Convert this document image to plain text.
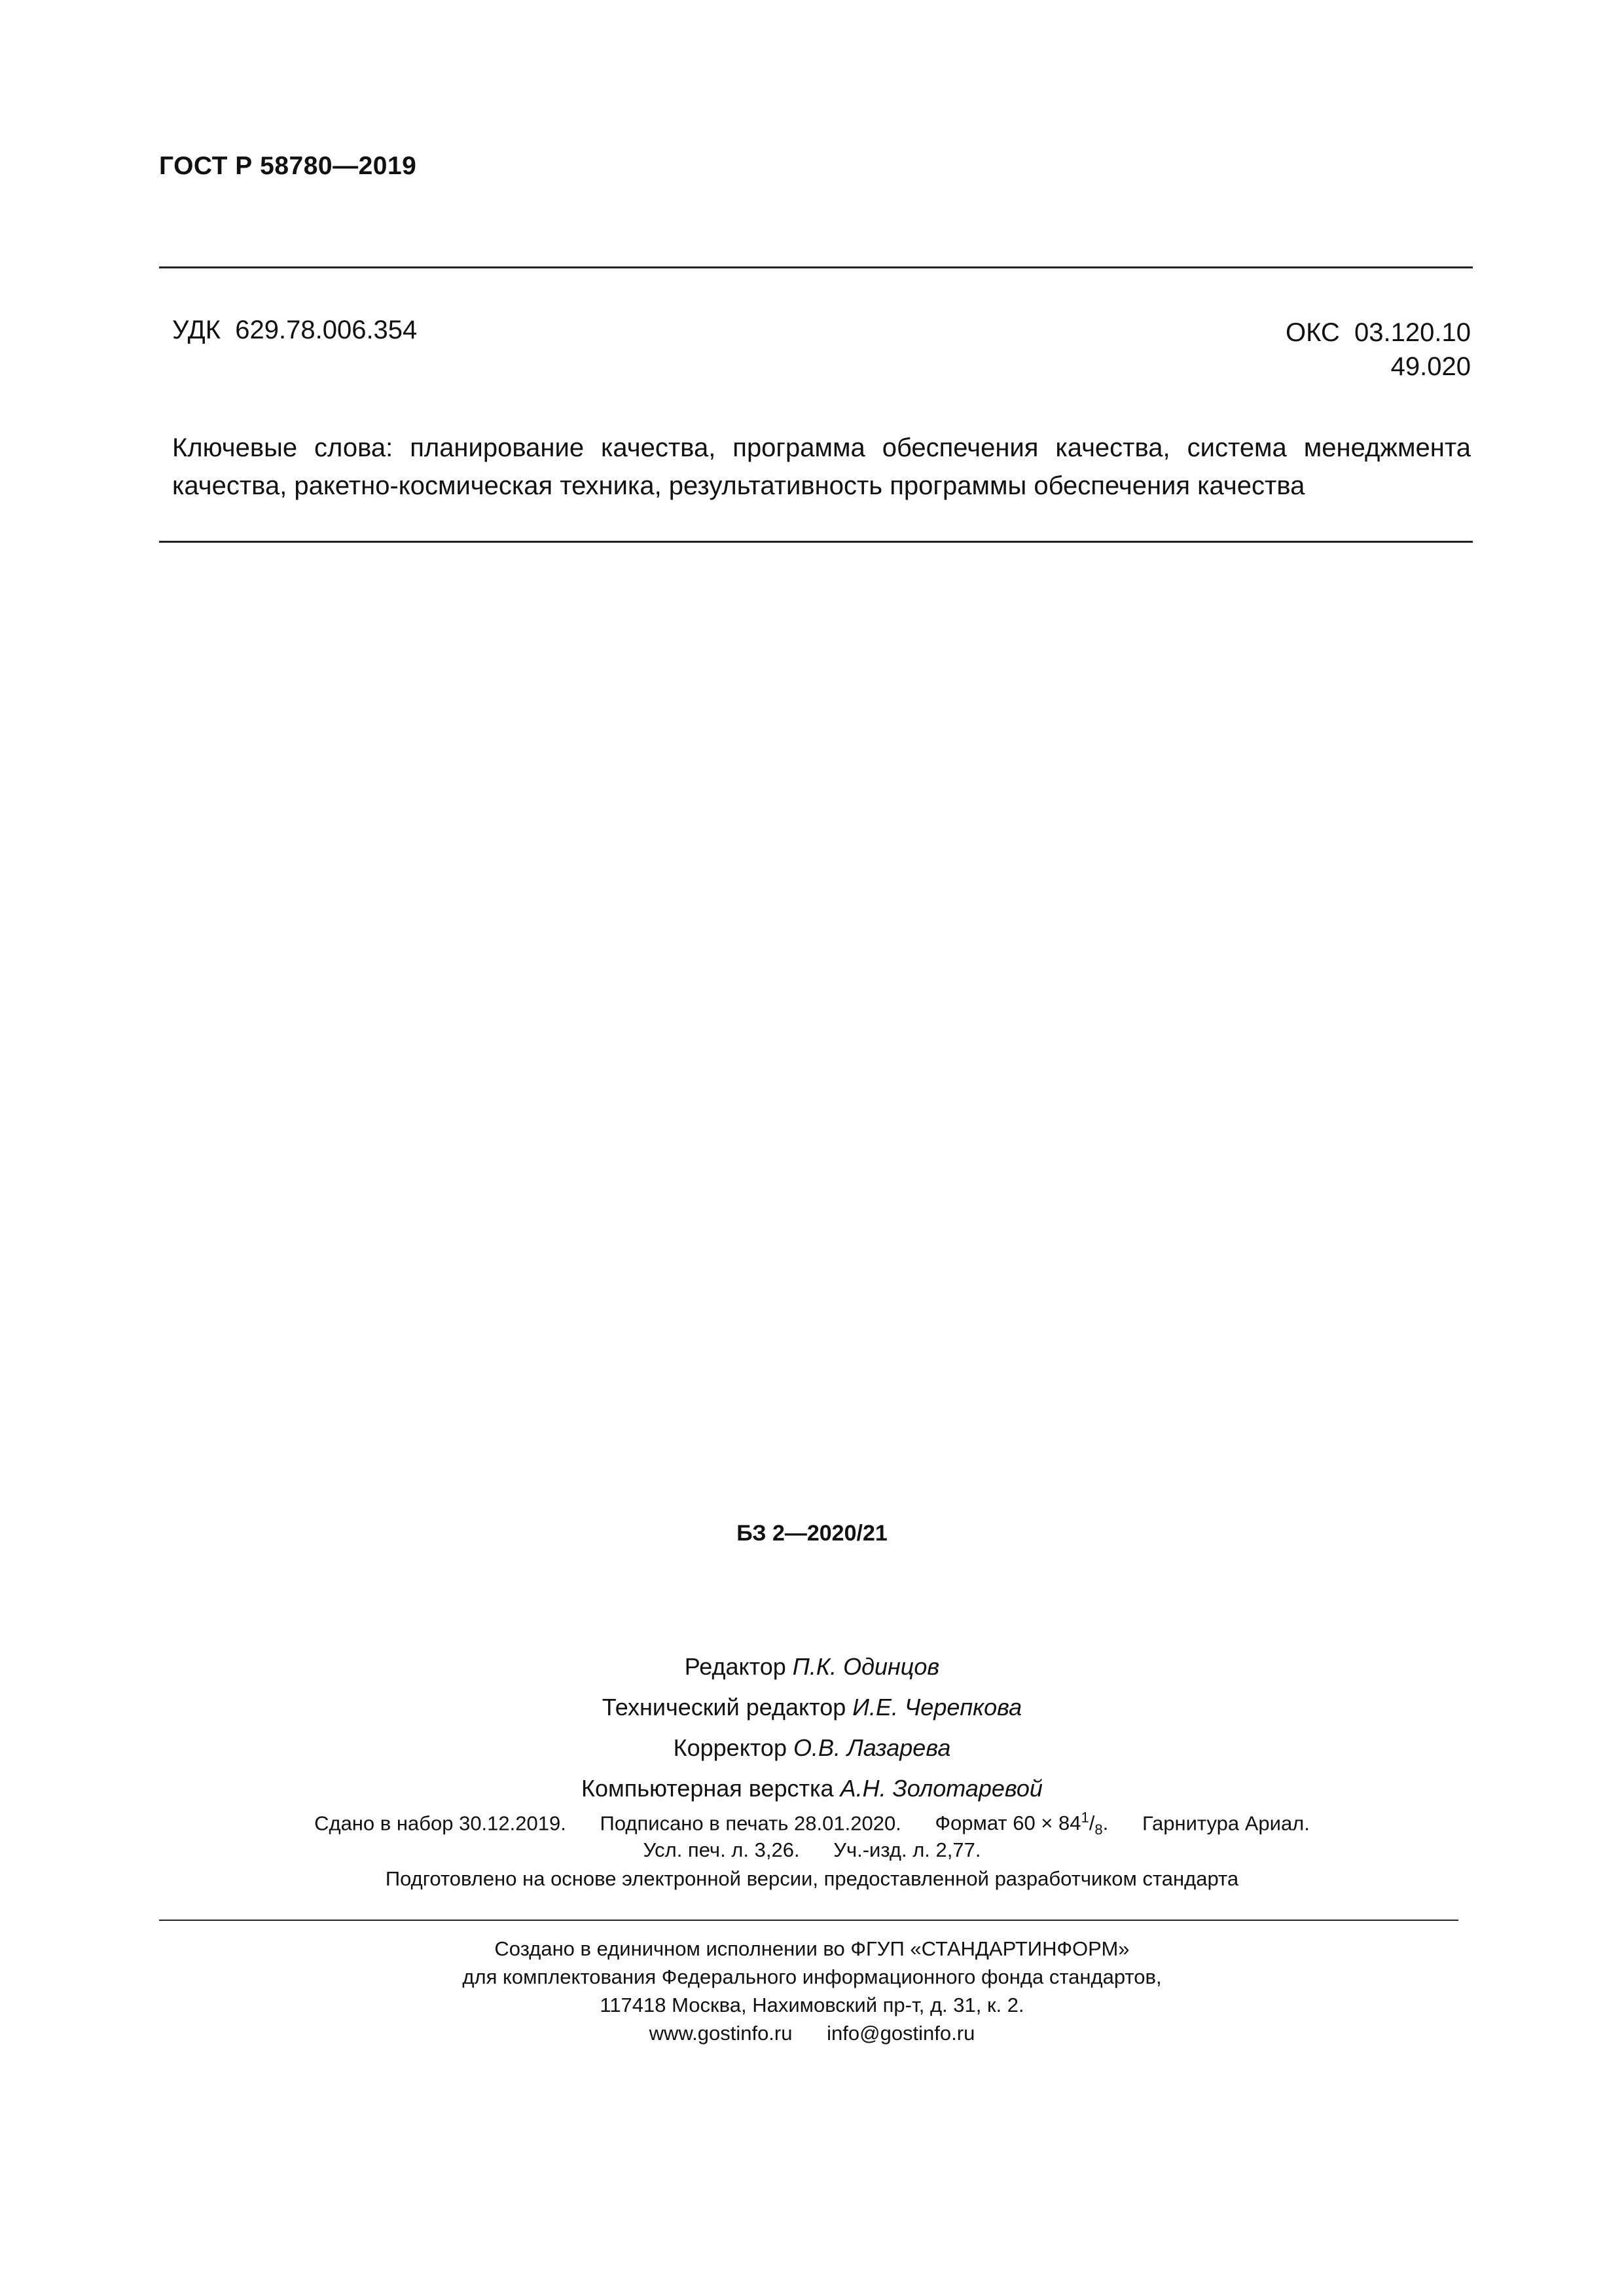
ГОСТ Р 58780—2019
УДК 629.78.006.354	ОКС 03.120.10
49.020
Ключевые слова: планирование качества, программа обеспечения качества, система менеджмента качества, ракетно-космическая техника, результативность программы обеспечения качества
БЗ 2—2020/21
Редактор П.К. Одинцов
Технический редактор И.Е. Черепкова
Корректор О.В. Лазарева
Компьютерная верстка А.Н. Золотаревой
Сдано в набор 30.12.2019. Подписано в печать 28.01.2020. Формат $60 \times 84^1/_8$. Гарнитура Ариал.
Усл. печ. л. 3,26. Уч.-изд. л. 2,77.
Подготовлено на основе электронной версии, предоставленной разработчиком стандарта
Создано в единичном исполнении во ФГУП «СТАНДАРТИНФОРМ»
для комплектования Федерального информационного фонда стандартов,
117418 Москва, Нахимовский пр-т, д. 31, к. 2.
www.gostinfo.ru info@gostinfo.ru
